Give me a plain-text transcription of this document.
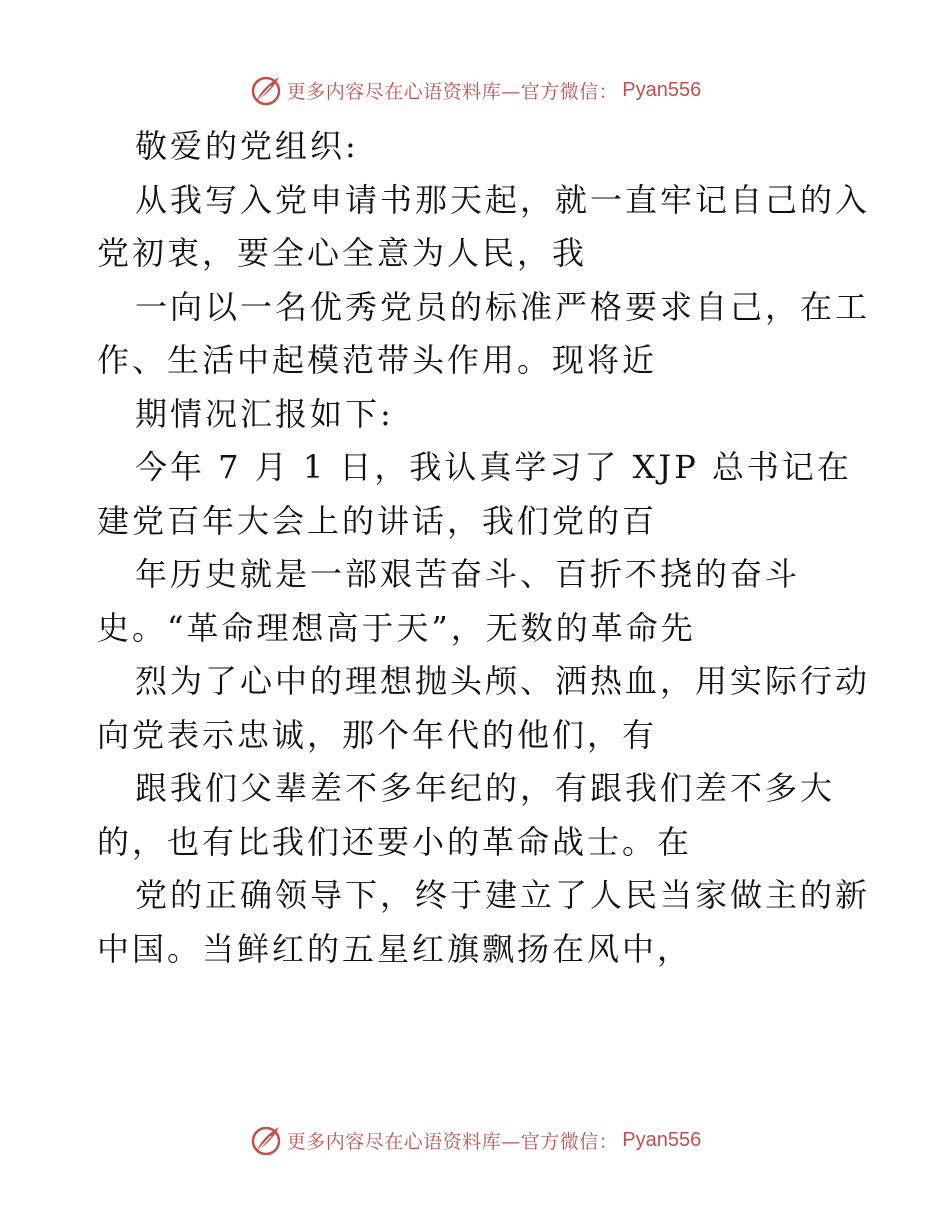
更多内容尽在心语资料库—官方微信： Pyan556
敬爱的党组织:
从我写入党申请书那天起，就一直牢记自己的入
党初衷，要全心全意为人民，我
一向以一名优秀党员的标准严格要求自己，在工
作、生活中起模范带头作用。现将近
期情况汇报如下:
今年 7 月 1 日，我认真学习了 XJP 总书记在
建党百年大会上的讲话，我们党的百
年历史就是一部艰苦奋斗、百折不挠的奋斗
史。“革命理想高于天”，无数的革命先
烈为了心中的理想抛头颅、洒热血，用实际行动
向党表示忠诚，那个年代的他们，有
跟我们父辈差不多年纪的，有跟我们差不多大
的，也有比我们还要小的革命战士。在
党的正确领导下，终于建立了人民当家做主的新
中国。当鲜红的五星红旗飘扬在风中，
更多内容尽在心语资料库—官方微信： Pyan556
